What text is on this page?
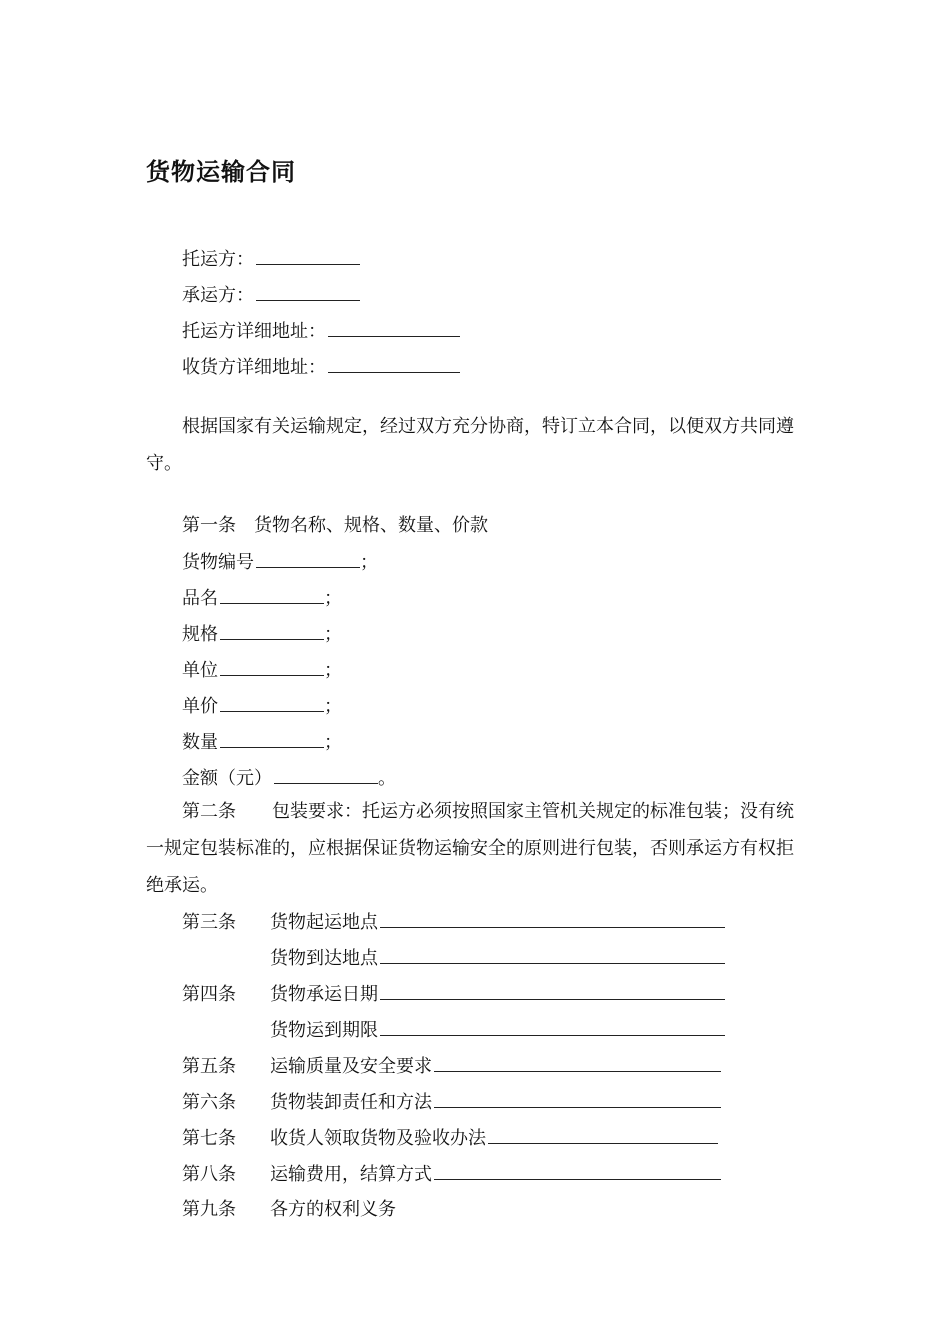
货物运输合同
托运方：
承运方：
托运方详细地址：
收货方详细地址：
根据国家有关运输规定，经过双方充分协商，特订立本合同，以便双方共同遵守。
第一条　货物名称、规格、数量、价款
货物编号	；
品名	；
规格	；
单位	；
单价	；
数量	；
金额（元）	。
第二条　　包装要求：托运方必须按照国家主管机关规定的标准包装；没有统一规定包装标准的，应根据保证货物运输安全的原则进行包装，否则承运方有权拒绝承运。
第三条 货物起运地点
货物到达地点
第四条 货物承运日期
货物运到期限
第五条 运输质量及安全要求
第六条 货物装卸责任和方法
第七条 收货人领取货物及验收办法
第八条 运输费用，结算方式
第九条 各方的权利义务
